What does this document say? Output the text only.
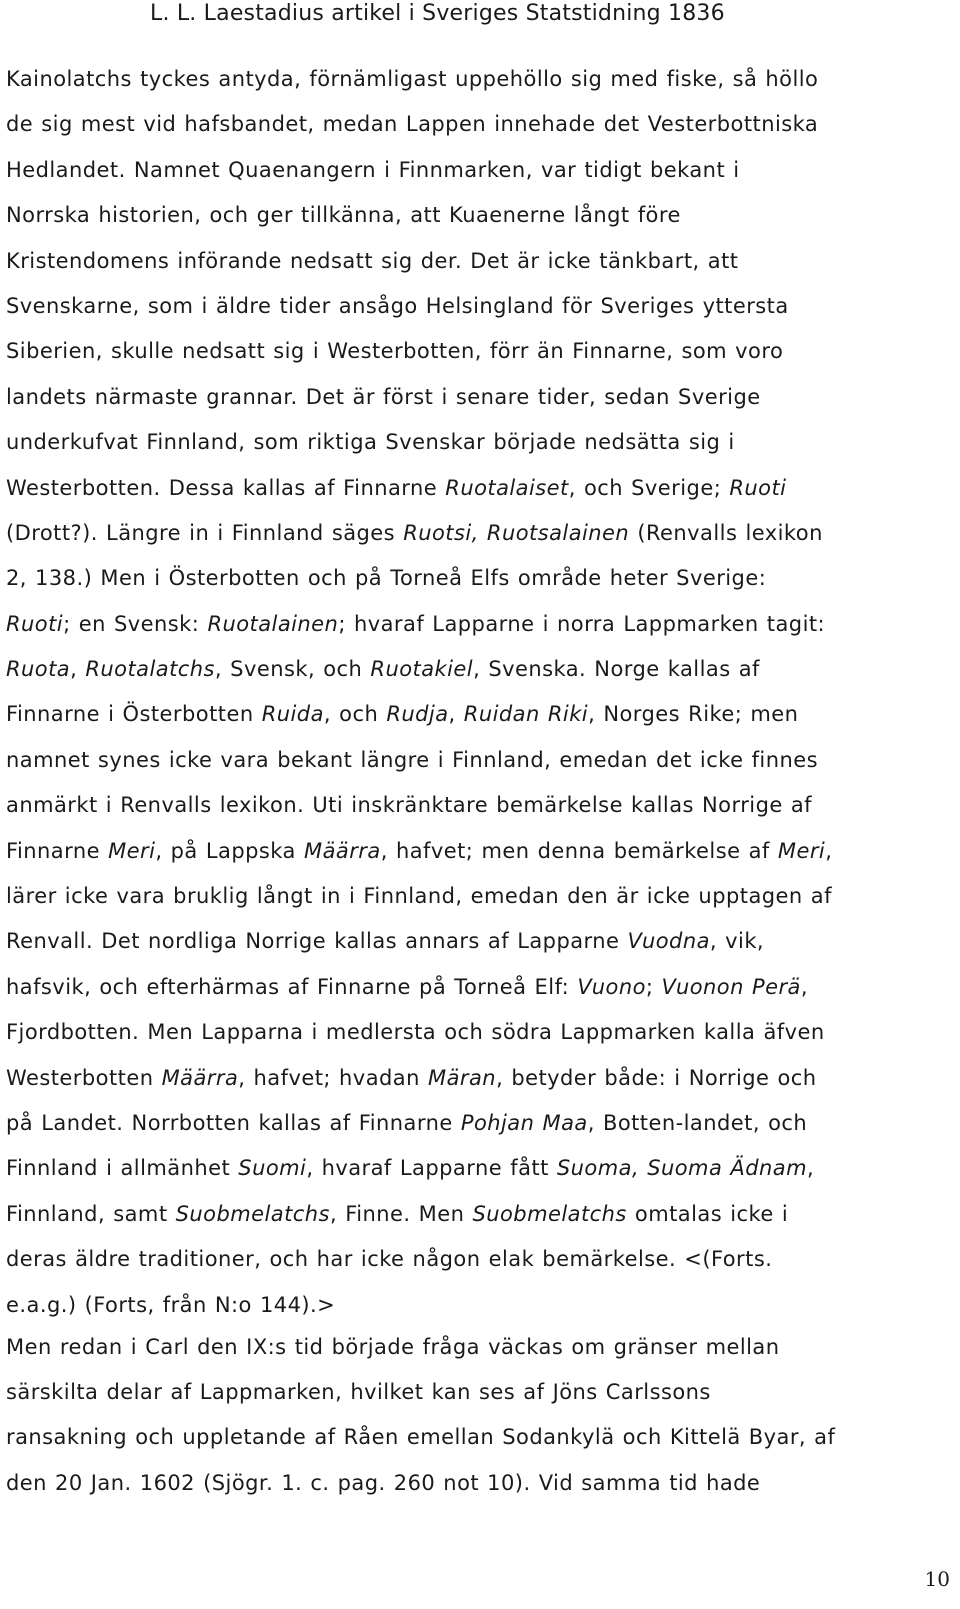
L. L. Laestadius artikel i Sveriges Statstidning 1836
Kainolatchs tyckes antyda, förnämligast uppehöllo sig med fiske, så höllo
de sig mest vid hafsbandet, medan Lappen innehade det Vesterbottniska
Hedlandet. Namnet Quaenangern i Finnmarken, var tidigt bekant i
Norrska historien, och ger tillkänna, att Kuaenerne långt före
Kristendomens införande nedsatt sig der. Det är icke tänkbart, att
Svenskarne, som i äldre tider ansågo Helsingland för Sveriges yttersta
Siberien, skulle nedsatt sig i Westerbotten, förr än Finnarne, som voro
landets närmaste grannar. Det är först i senare tider, sedan Sverige
underkufvat Finnland, som riktiga Svenskar började nedsätta sig i
Westerbotten. Dessa kallas af Finnarne Ruotalaiset, och Sverige; Ruoti
(Drott?). Längre in i Finnland säges Ruotsi, Ruotsalainen (Renvalls lexikon
2, 138.) Men i Österbotten och på Torneå Elfs område heter Sverige:
Ruoti; en Svensk: Ruotalainen; hvaraf Lapparne i norra Lappmarken tagit:
Ruota, Ruotalatchs, Svensk, och Ruotakiel, Svenska. Norge kallas af
Finnarne i Österbotten Ruida, och Rudja, Ruidan Riki, Norges Rike; men
namnet synes icke vara bekant längre i Finnland, emedan det icke finnes
anmärkt i Renvalls lexikon. Uti inskränktare bemärkelse kallas Norrige af
Finnarne Meri, på Lappska Määrra, hafvet; men denna bemärkelse af Meri,
lärer icke vara bruklig långt in i Finnland, emedan den är icke upptagen af
Renvall. Det nordliga Norrige kallas annars af Lapparne Vuodna, vik,
hafsvik, och efterhärmas af Finnarne på Torneå Elf: Vuono; Vuonon Perä,
Fjordbotten. Men Lapparna i medlersta och södra Lappmarken kalla äfven
Westerbotten Määrra, hafvet; hvadan Märan, betyder både: i Norrige och
på Landet. Norrbotten kallas af Finnarne Pohjan Maa, Botten-landet, och
Finnland i allmänhet Suomi, hvaraf Lapparne fått Suoma, Suoma Ädnam,
Finnland, samt Suobmelatchs, Finne. Men Suobmelatchs omtalas icke i
deras äldre traditioner, och har icke någon elak bemärkelse. <(Forts.
e.a.g.) (Forts, från N:o 144).>
Men redan i Carl den IX:s tid började fråga väckas om gränser mellan
särskilta delar af Lappmarken, hvilket kan ses af Jöns Carlssons
ransakning och uppletande af Råen emellan Sodankylä och Kittelä Byar, af
den 20 Jan. 1602 (Sjögr. 1. c. pag. 260 not 10). Vid samma tid hade
10
